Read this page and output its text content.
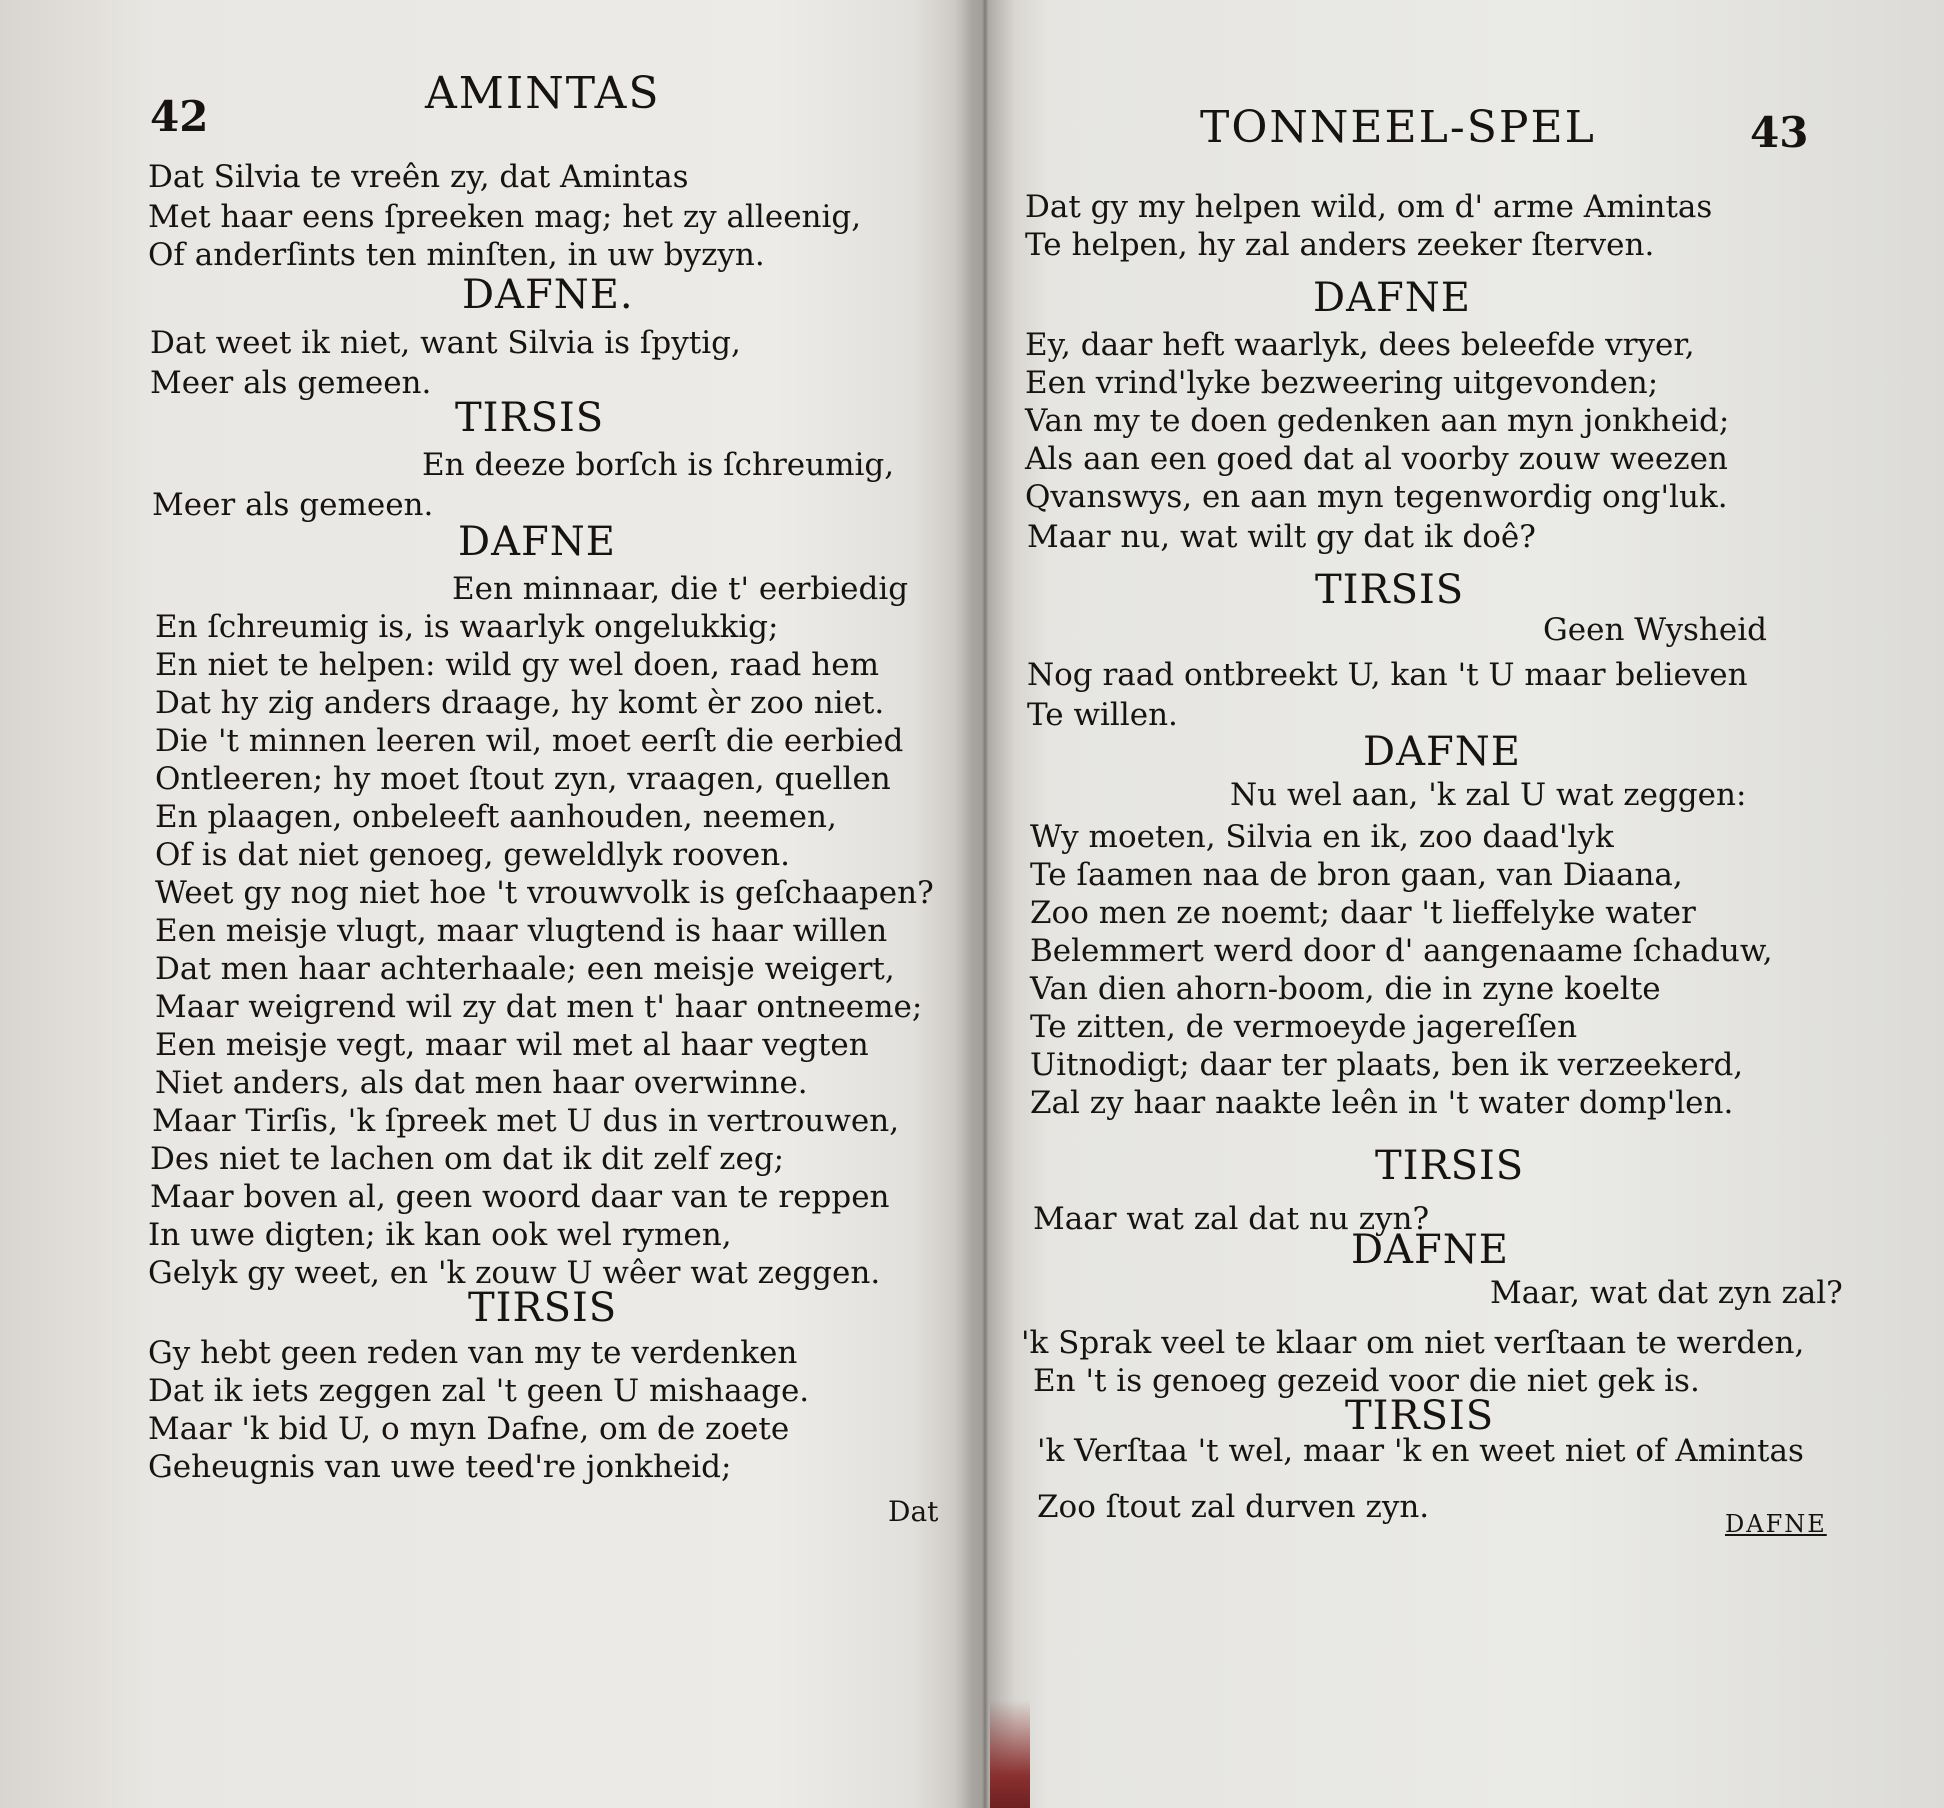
42	AMINTAS
Dat Silvia te vreên zy, dat Amintas
Met haar eens ſpreeken mag; het zy alleenig,
Of anderſints ten minſten, in uw byzyn.
DAFNE.
Dat weet ik niet, want Silvia is ſpytig,
Meer als gemeen.
TIRSIS
En deeze borſch is ſchreumig,
Meer als gemeen.
DAFNE
Een minnaar, die t' eerbiedig
En ſchreumig is, is waarlyk ongelukkig;
En niet te helpen: wild gy wel doen, raad hem
Dat hy zig anders draage, hy komt èr zoo niet.
Die 't minnen leeren wil, moet eerſt die eerbied
Ontleeren; hy moet ſtout zyn, vraagen, quellen
En plaagen, onbeleeft aanhouden, neemen,
Of is dat niet genoeg, geweldlyk rooven.
Weet gy nog niet hoe 't vrouwvolk is geſchaapen?
Een meisje vlugt, maar vlugtend is haar willen
Dat men haar achterhaale; een meisje weigert,
Maar weigrend wil zy dat men t' haar ontneeme;
Een meisje vegt, maar wil met al haar vegten
Niet anders, als dat men haar overwinne.
Maar Tirſis, 'k ſpreek met U dus in vertrouwen,
Des niet te lachen om dat ik dit zelf zeg;
Maar boven al, geen woord daar van te reppen
In uwe digten; ik kan ook wel rymen,
Gelyk gy weet, en 'k zouw U wêer wat zeggen.
TIRSIS
Gy hebt geen reden van my te verdenken
Dat ik iets zeggen zal 't geen U mishaage.
Maar 'k bid U, o myn Dafne, om de zoete
Geheugnis van uwe teed're jonkheid;
Dat
TONNEEL-SPEL	43
Dat gy my helpen wild, om d' arme Amintas
Te helpen, hy zal anders zeeker ſterven.
DAFNE
Ey, daar heft waarlyk, dees beleefde vryer,
Een vrind'lyke bezweering uitgevonden;
Van my te doen gedenken aan myn jonkheid;
Als aan een goed dat al voorby zouw weezen
Qvanswys, en aan myn tegenwordig ong'luk.
Maar nu, wat wilt gy dat ik doê?
TIRSIS
Geen Wysheid
Nog raad ontbreekt U, kan 't U maar believen
Te willen.
DAFNE
Nu wel aan, 'k zal U wat zeggen:
Wy moeten, Silvia en ik, zoo daad'lyk
Te ſaamen naa de bron gaan, van Diaana,
Zoo men ze noemt; daar 't lieffelyke water
Belemmert werd door d' aangenaame ſchaduw,
Van dien ahorn-boom, die in zyne koelte
Te zitten, de vermoeyde jagereſſen
Uitnodigt; daar ter plaats, ben ik verzeekerd,
Zal zy haar naakte leên in 't water domp'len.
TIRSIS
Maar wat zal dat nu zyn?
DAFNE
Maar, wat dat zyn zal?
'k Sprak veel te klaar om niet verſtaan te werden,
En 't is genoeg gezeid voor die niet gek is.
TIRSIS
'k Verſtaa 't wel, maar 'k en weet niet of Amintas
Zoo ſtout zal durven zyn.	DAFNE
